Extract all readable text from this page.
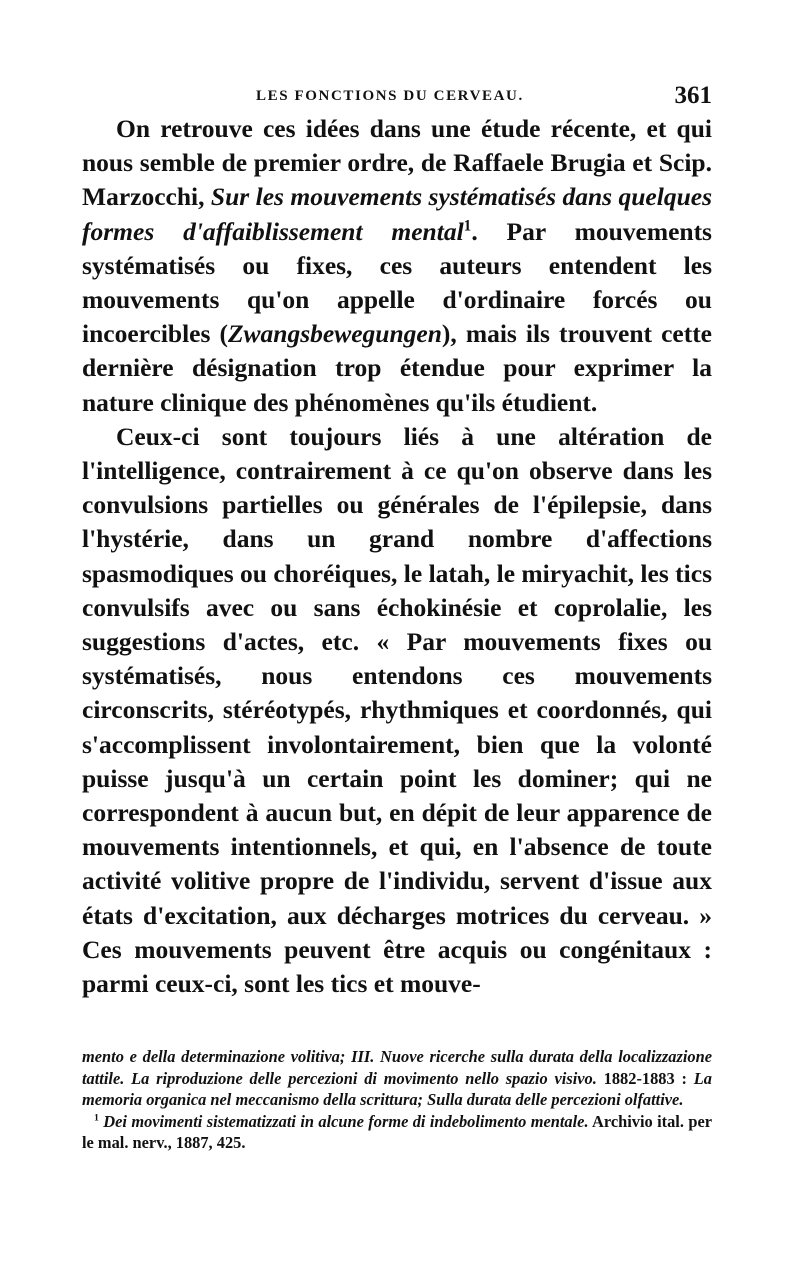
LES FONCTIONS DU CERVEAU.	361

On retrouve ces idées dans une étude récente, et qui nous semble de premier ordre, de Raffaele Brugia et Scip. Marzocchi, Sur les mouvements systématisés dans quelques formes d'affaiblissement mental$^1$. Par mouvements systématisés ou fixes, ces auteurs entendent les mouvements qu'on appelle d'ordinaire forcés ou incoercibles (Zwangsbewegungen), mais ils trouvent cette dernière désignation trop étendue pour exprimer la nature clinique des phénomènes qu'ils étudient.

Ceux-ci sont toujours liés à une altération de l'intelligence, contrairement à ce qu'on observe dans les convulsions partielles ou générales de l'épilepsie, dans l'hystérie, dans un grand nombre d'affections spasmodiques ou choréiques, le latah, le miryachit, les tics convulsifs avec ou sans échokinésie et coprolalie, les suggestions d'actes, etc. « Par mouvements fixes ou systématisés, nous entendons ces mouvements circonscrits, stéréotypés, rhythmiques et coordonnés, qui s'accomplissent involontairement, bien que la volonté puisse jusqu'à un certain point les dominer; qui ne correspondent à aucun but, en dépit de leur apparence de mouvements intentionnels, et qui, en l'absence de toute activité volitive propre de l'individu, servent d'issue aux états d'excitation, aux décharges motrices du cerveau. » Ces mouvements peuvent être acquis ou congénitaux : parmi ceux-ci, sont les tics et mouve-

mento e della determinazione volitiva; III. Nuove ricerche sulla durata della localizzazione tattile. La riproduzione delle percezioni di movimento nello spazio visivo. 1882-1883 : La memoria organica nel meccanismo della scrittura; Sulla durata delle percezioni olfattive.

$^1$ Dei movimenti sistematizzati in alcune forme di indebolimento mentale. Archivio ital. per le mal. nerv., 1887, 425.
